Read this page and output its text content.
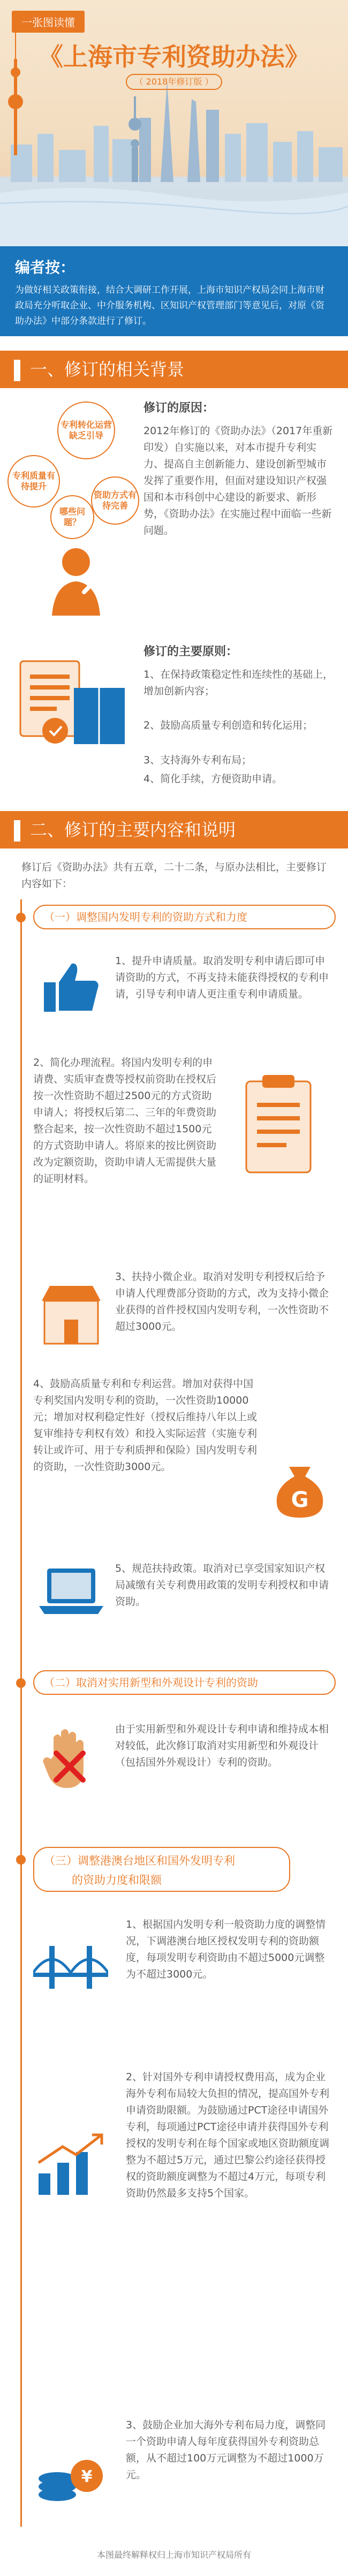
一张图读懂
《上海市专利资助办法》
（ 2018年修订版 ）
编者按：

为做好相关政策衔接，结合大调研工作开展，上海市知识产权局会同上海市财政局充分听取企业、中介服务机构、区知识产权管理部门等意见后，对原《资助办法》中部分条款进行了修订。

一、修订的相关背景
专利转化运营缺乏引导
专利质量有待提升
哪些问题？
资助方式有待完善
修订的原因：
2012年修订的《资助办法》（2017年重新印发）自实施以来，对本市提升专利实力、提高自主创新能力、建设创新型城市发挥了重要作用，但面对建设知识产权强国和本市科创中心建设的新要求、新形势，《资助办法》在实施过程中面临一些新问题。
修订的主要原则：
1、在保持政策稳定性和连续性的基础上，增加创新内容；
2、鼓励高质量专利创造和转化运用；
3、支持海外专利布局；
4、简化手续，方便资助申请。
二、修订的主要内容和说明
修订后《资助办法》共有五章，二十二条，与原办法相比，主要修订内容如下：
（一）调整国内发明专利的资助方式和力度
1、提升申请质量。取消发明专利申请后即可申请资助的方式，不再支持未能获得授权的专利申请，引导专利申请人更注重专利申请质量。
2、简化办理流程。将国内发明专利的申请费、实质审查费等授权前资助在授权后按一次性资助不超过2500元的方式资助申请人；将授权后第二、三年的年费资助整合起来，按一次性资助不超过1500元的方式资助申请人。将原来的按比例资助改为定额资助，资助申请人无需提供大量的证明材料。
3、扶持小微企业。取消对发明专利授权后给予申请人代理费部分资助的方式，改为支持小微企业获得的首件授权国内发明专利，一次性资助不超过3000元。
4、鼓励高质量专利和专利运营。增加对获得中国专利奖国内发明专利的资助，一次性资助10000元；增加对权利稳定性好（授权后维持八年以上或复审维持专利权有效）和投入实际运营（实施专利转让或许可、用于专利质押和保险）国内发明专利的资助，一次性资助3000元。
G
5、规范扶持政策。取消对已享受国家知识产权局减缴有关专利费用政策的发明专利授权和申请资助。
（二）取消对实用新型和外观设计专利的资助
由于实用新型和外观设计专利申请和维持成本相对较低，此次修订取消对实用新型和外观设计（包括国外外观设计）专利的资助。
（三）调整港澳台地区和国外发明专利
的资助力度和限额
1、根据国内发明专利一般资助力度的调整情况，下调港澳台地区授权发明专利的资助额度，每项发明专利资助由不超过5000元调整为不超过3000元。
2、针对国外专利申请授权费用高，成为企业海外专利布局较大负担的情况，提高国外专利申请资助限额。为鼓励通过PCT途径申请国外专利，每项通过PCT途径申请并获得国外专利授权的发明专利在每个国家或地区资助额度调整为不超过5万元，通过巴黎公约途径获得授权的资助额度调整为不超过4万元，每项专利资助仍然最多支持5个国家。
¥
3、鼓励企业加大海外专利布局力度，调整同一个资助申请人每年度获得国外专利资助总额，从不超过100万元调整为不超过1000万元。
本图最终解释权归上海市知识产权局所有
